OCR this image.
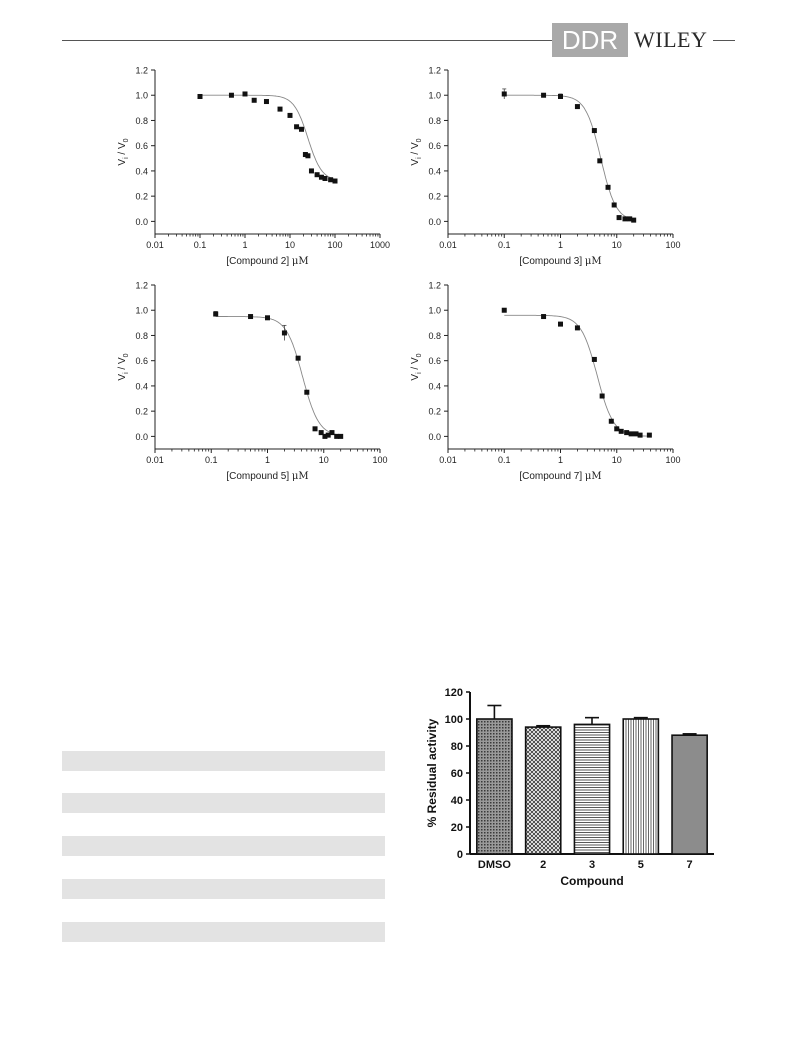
DDR WILEY
0.0
0.2
0.4
0.6
0.8
1.0
1.2
0.01	0.1	1	10	100	1000
[Compound 2] μM
$V_i / V_0$
0.0
0.2
0.4
0.6
0.8
1.0
1.2
0.01	0.1	1	10	100
[Compound 3] μM
$V_i / V_0$
0.0
0.2
0.4
0.6
0.8
1.0
1.2
0.01	0.1	1	10	100
[Compound 5] μM
$V_i / V_0$
0.0
0.2
0.4
0.6
0.8
1.0
1.2
0.01	0.1	1	10	100
[Compound 7] μM
$V_i / V_0$
0
20
40
60
80
100
120
DMSO	2	3	5	7
Compound
% Residual activity
